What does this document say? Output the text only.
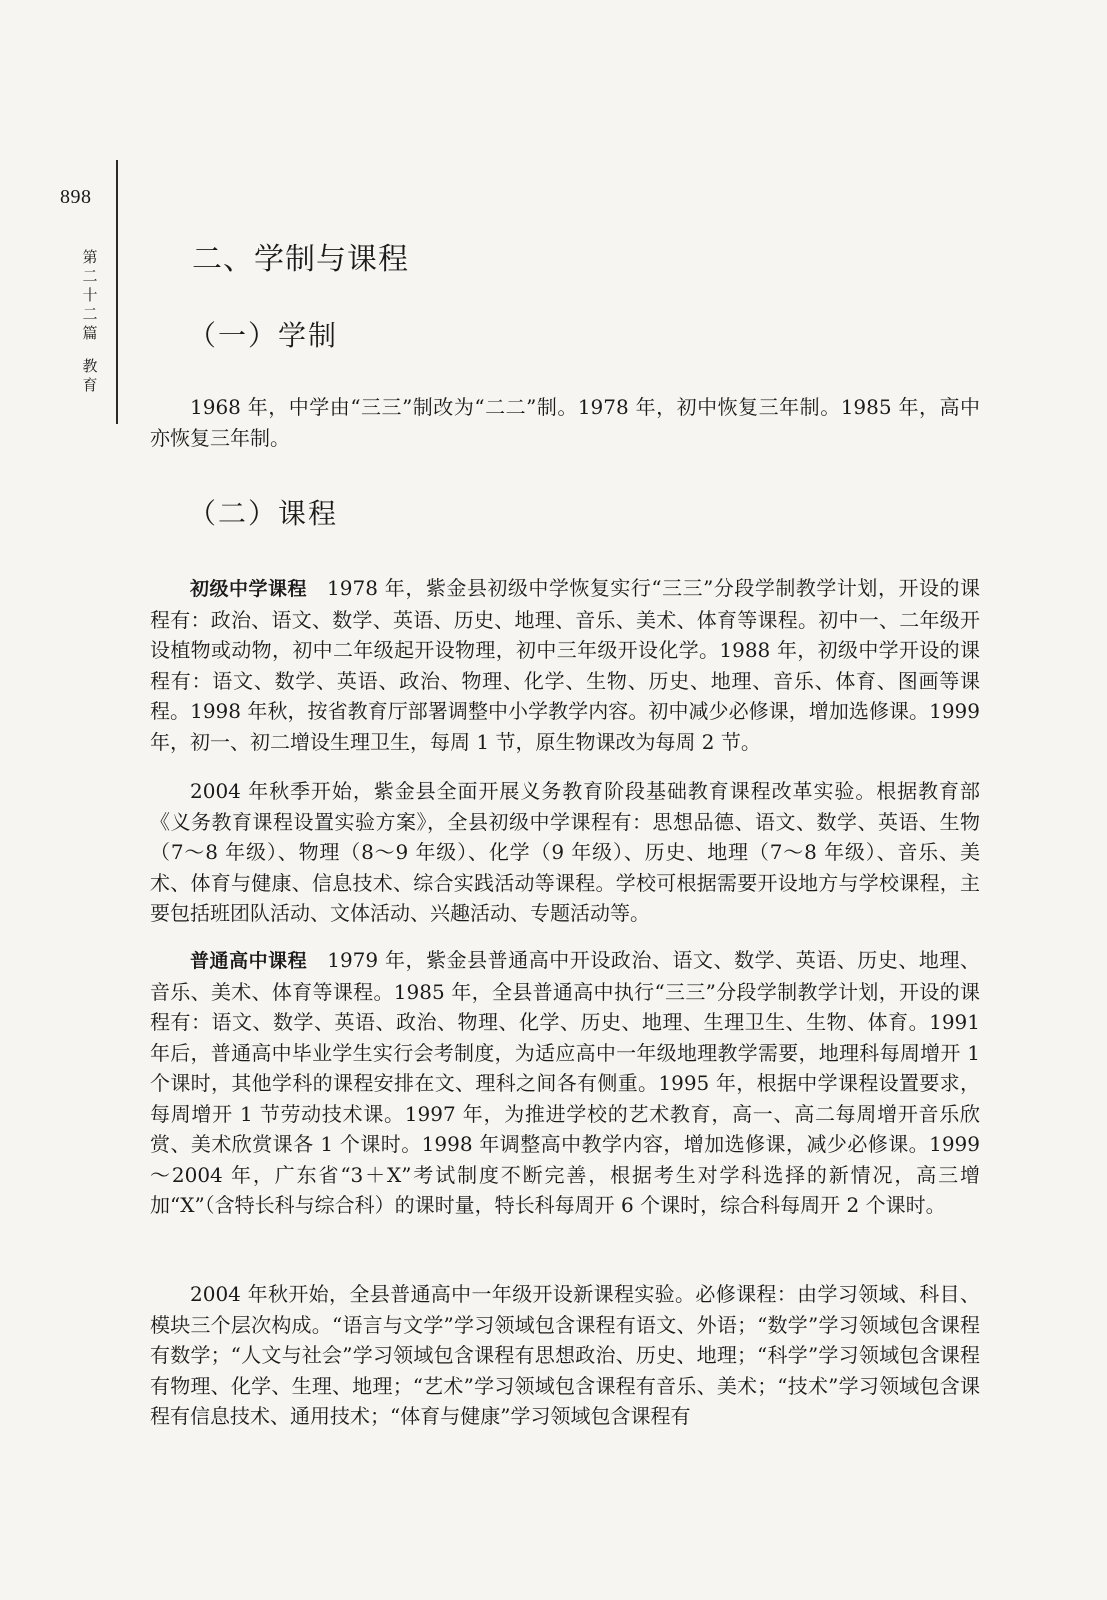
898
第
二
十
二
篇
教
育
二、学制与课程
（一）学制

1968 年，中学由“三三”制改为“二二”制。1978 年，初中恢复三年制。1985 年，高中亦恢复三年制。

（二）课程

初级中学课程  1978 年，紫金县初级中学恢复实行“三三”分段学制教学计划，开设的课程有：政治、语文、数学、英语、历史、地理、音乐、美术、体育等课程。初中一、二年级开设植物或动物，初中二年级起开设物理，初中三年级开设化学。1988 年，初级中学开设的课程有：语文、数学、英语、政治、物理、化学、生物、历史、地理、音乐、体育、图画等课程。1998 年秋，按省教育厅部署调整中小学教学内容。初中减少必修课，增加选修课。1999 年，初一、初二增设生理卫生，每周 1 节，原生物课改为每周 2 节。

2004 年秋季开始，紫金县全面开展义务教育阶段基础教育课程改革实验。根据教育部《义务教育课程设置实验方案》，全县初级中学课程有：思想品德、语文、数学、英语、生物（7～8 年级）、物理（8～9 年级）、化学（9 年级）、历史、地理（7～8 年级）、音乐、美术、体育与健康、信息技术、综合实践活动等课程。学校可根据需要开设地方与学校课程，主要包括班团队活动、文体活动、兴趣活动、专题活动等。

普通高中课程  1979 年，紫金县普通高中开设政治、语文、数学、英语、历史、地理、音乐、美术、体育等课程。1985 年，全县普通高中执行“三三”分段学制教学计划，开设的课程有：语文、数学、英语、政治、物理、化学、历史、地理、生理卫生、生物、体育。1991 年后，普通高中毕业学生实行会考制度，为适应高中一年级地理教学需要，地理科每周增开 1 个课时，其他学科的课程安排在文、理科之间各有侧重。1995 年，根据中学课程设置要求，每周增开 1 节劳动技术课。1997 年，为推进学校的艺术教育，高一、高二每周增开音乐欣赏、美术欣赏课各 1 个课时。1998 年调整高中教学内容，增加选修课，减少必修课。1999～2004 年，广东省“3＋X”考试制度不断完善，根据考生对学科选择的新情况，高三增加“X”（含特长科与综合科）的课时量，特长科每周开 6 个课时，综合科每周开 2 个课时。

2004 年秋开始，全县普通高中一年级开设新课程实验。必修课程：由学习领域、科目、模块三个层次构成。“语言与文学”学习领域包含课程有语文、外语；“数学”学习领域包含课程有数学；“人文与社会”学习领域包含课程有思想政治、历史、地理；“科学”学习领域包含课程有物理、化学、生理、地理；“艺术”学习领域包含课程有音乐、美术；“技术”学习领域包含课程有信息技术、通用技术；“体育与健康”学习领域包含课程有
